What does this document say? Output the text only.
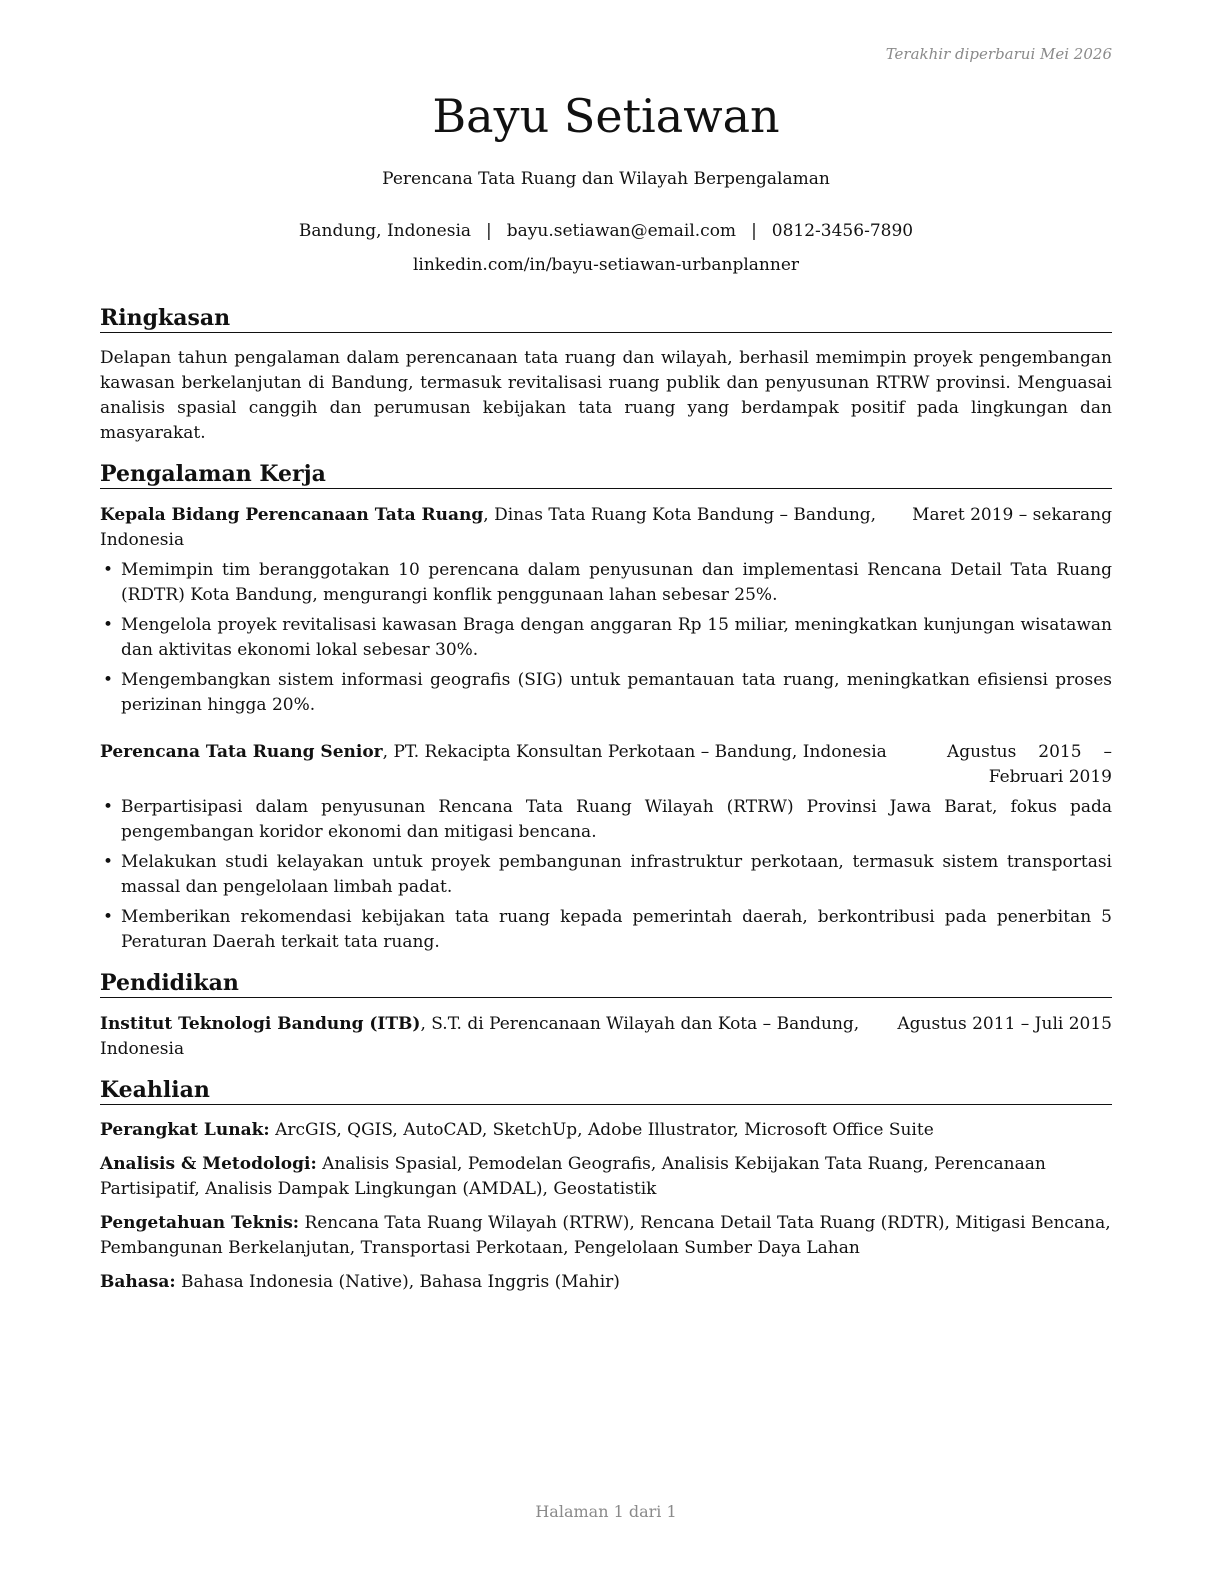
Terakhir diperbarui Mei 2026
Bayu Setiawan
Perencana Tata Ruang dan Wilayah Berpengalaman
Bandung, Indonesia | bayu.setiawan@email.com | 0812-3456-7890
linkedin.com/in/bayu-setiawan-urbanplanner
Ringkasan

Delapan tahun pengalaman dalam perencanaan tata ruang dan wilayah, berhasil memimpin proyek pengembangan kawasan berkelanjutan di Bandung, termasuk revitalisasi ruang publik dan penyusunan RTRW provinsi. Menguasai analisis spasial canggih dan perumusan kebijakan tata ruang yang berdampak positif pada lingkungan dan masyarakat.

Pengalaman Kerja
Kepala Bidang Perencanaan Tata Ruang, Dinas Tata Ruang Kota Bandung – Bandung, Indonesia
Maret 2019 – sekarang
• Memimpin tim beranggotakan 10 perencana dalam penyusunan dan implementasi Rencana Detail Tata Ruang (RDTR) Kota Bandung, mengurangi konflik penggunaan lahan sebesar 25%.
• Mengelola proyek revitalisasi kawasan Braga dengan anggaran Rp 15 miliar, meningkatkan kunjungan wisatawan dan aktivitas ekonomi lokal sebesar 30%.
• Mengembangkan sistem informasi geografis (SIG) untuk pemantauan tata ruang, meningkatkan efisiensi proses perizinan hingga 20%.
Perencana Tata Ruang Senior, PT. Rekacipta Konsultan Perkotaan – Bandung, Indonesia	Agustus 2015 – Februari 2019
• Berpartisipasi dalam penyusunan Rencana Tata Ruang Wilayah (RTRW) Provinsi Jawa Barat, fokus pada pengembangan koridor ekonomi dan mitigasi bencana.
• Melakukan studi kelayakan untuk proyek pembangunan infrastruktur perkotaan, termasuk sistem transportasi massal dan pengelolaan limbah padat.
• Memberikan rekomendasi kebijakan tata ruang kepada pemerintah daerah, berkontribusi pada penerbitan 5 Peraturan Daerah terkait tata ruang.
Pendidikan
Institut Teknologi Bandung (ITB), S.T. di Perencanaan Wilayah dan Kota – Bandung, Indonesia
Agustus 2011 – Juli 2015
Keahlian
Perangkat Lunak: ArcGIS, QGIS, AutoCAD, SketchUp, Adobe Illustrator, Microsoft Office Suite
Analisis & Metodologi: Analisis Spasial, Pemodelan Geografis, Analisis Kebijakan Tata Ruang, Perencanaan Partisipatif, Analisis Dampak Lingkungan (AMDAL), Geostatistik
Pengetahuan Teknis: Rencana Tata Ruang Wilayah (RTRW), Rencana Detail Tata Ruang (RDTR), Mitigasi Bencana, Pembangunan Berkelanjutan, Transportasi Perkotaan, Pengelolaan Sumber Daya Lahan
Bahasa: Bahasa Indonesia (Native), Bahasa Inggris (Mahir)
Halaman 1 dari 1
